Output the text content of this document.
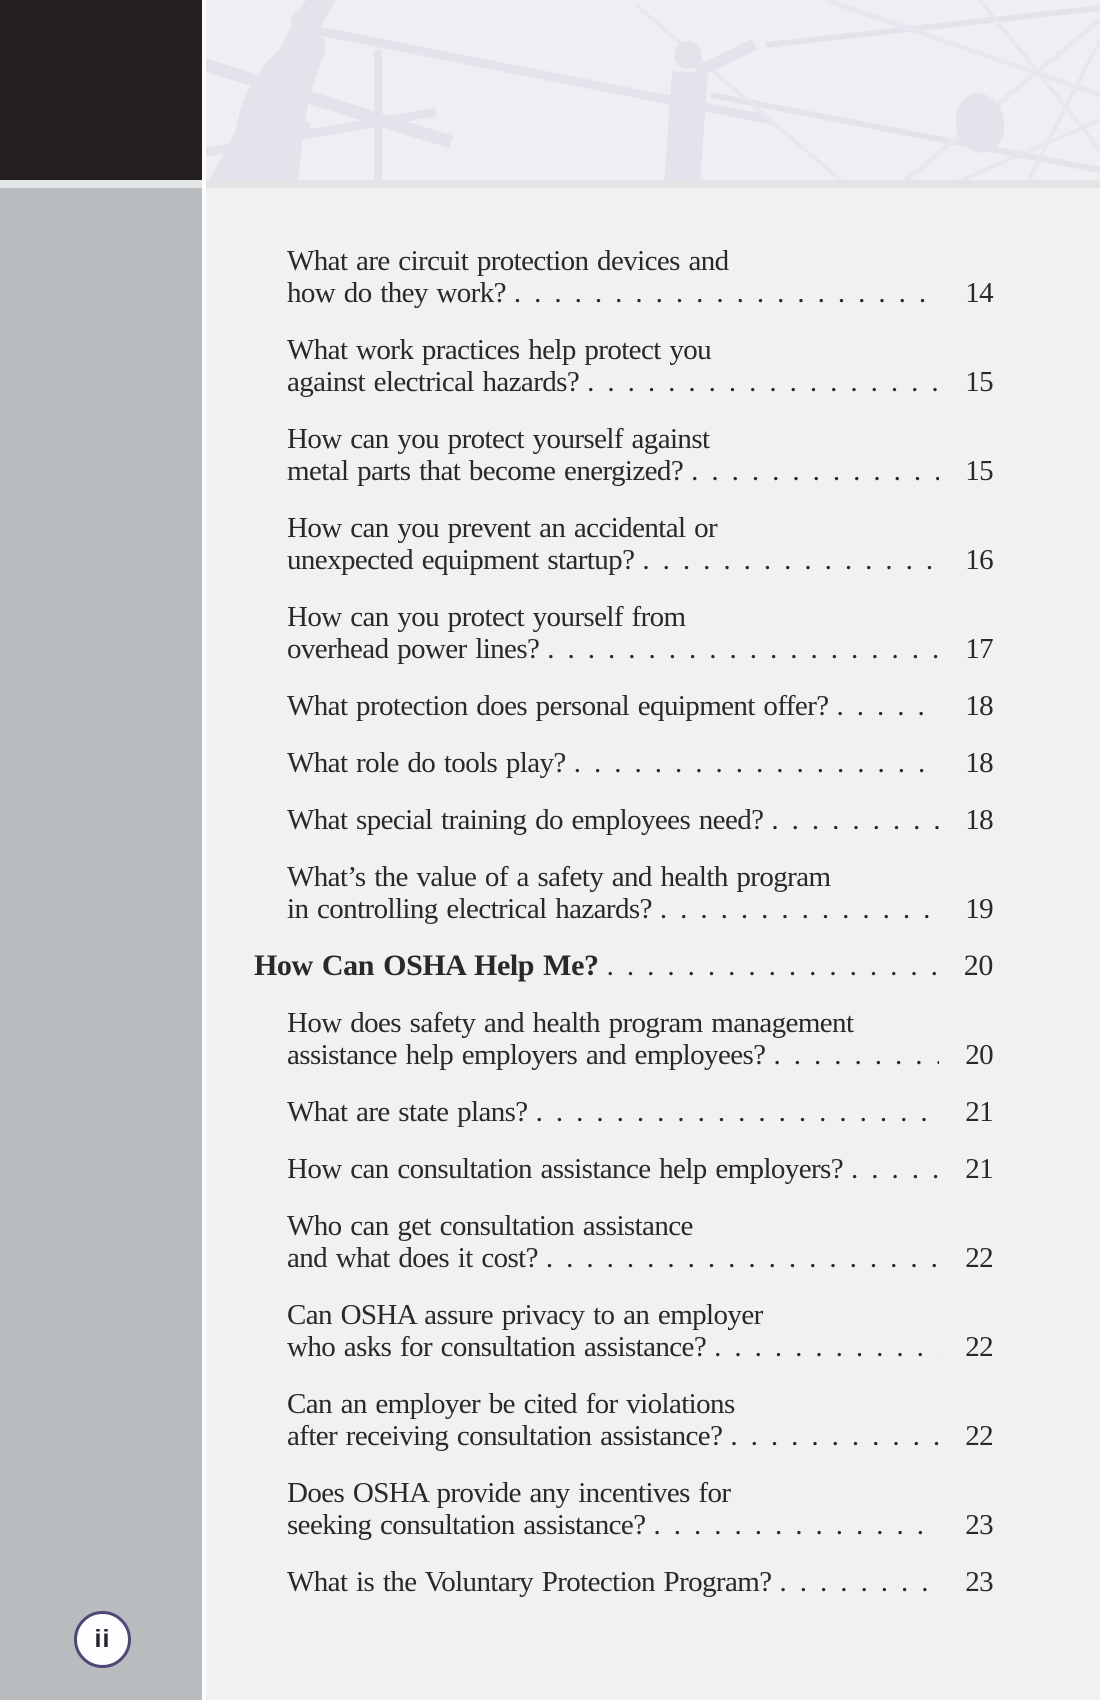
What are circuit protection devices and
how do they work? .....	14
What work practices help protect you
against electrical hazards? .....	15
How can you protect yourself against
metal parts that become energized? .....	15
How can you prevent an accidental or
unexpected equipment startup? .....	16
How can you protect yourself from
overhead power lines? .....	17
What protection does personal equipment offer? .....	18
What role do tools play? .....	18
What special training do employees need? .....	18
What’s the value of a safety and health program
in controlling electrical hazards? .....	19
How Can OSHA Help Me? .....	20
How does safety and health program management
assistance help employers and employees? .....	20
What are state plans? .....	21
How can consultation assistance help employers? .....	21
Who can get consultation assistance
and what does it cost? .....	22
Can OSHA assure privacy to an employer
who asks for consultation assistance? .....	22
Can an employer be cited for violations
after receiving consultation assistance? .....	22
Does OSHA provide any incentives for
seeking consultation assistance? .....	23
What is the Voluntary Protection Program? .....	23
ii
